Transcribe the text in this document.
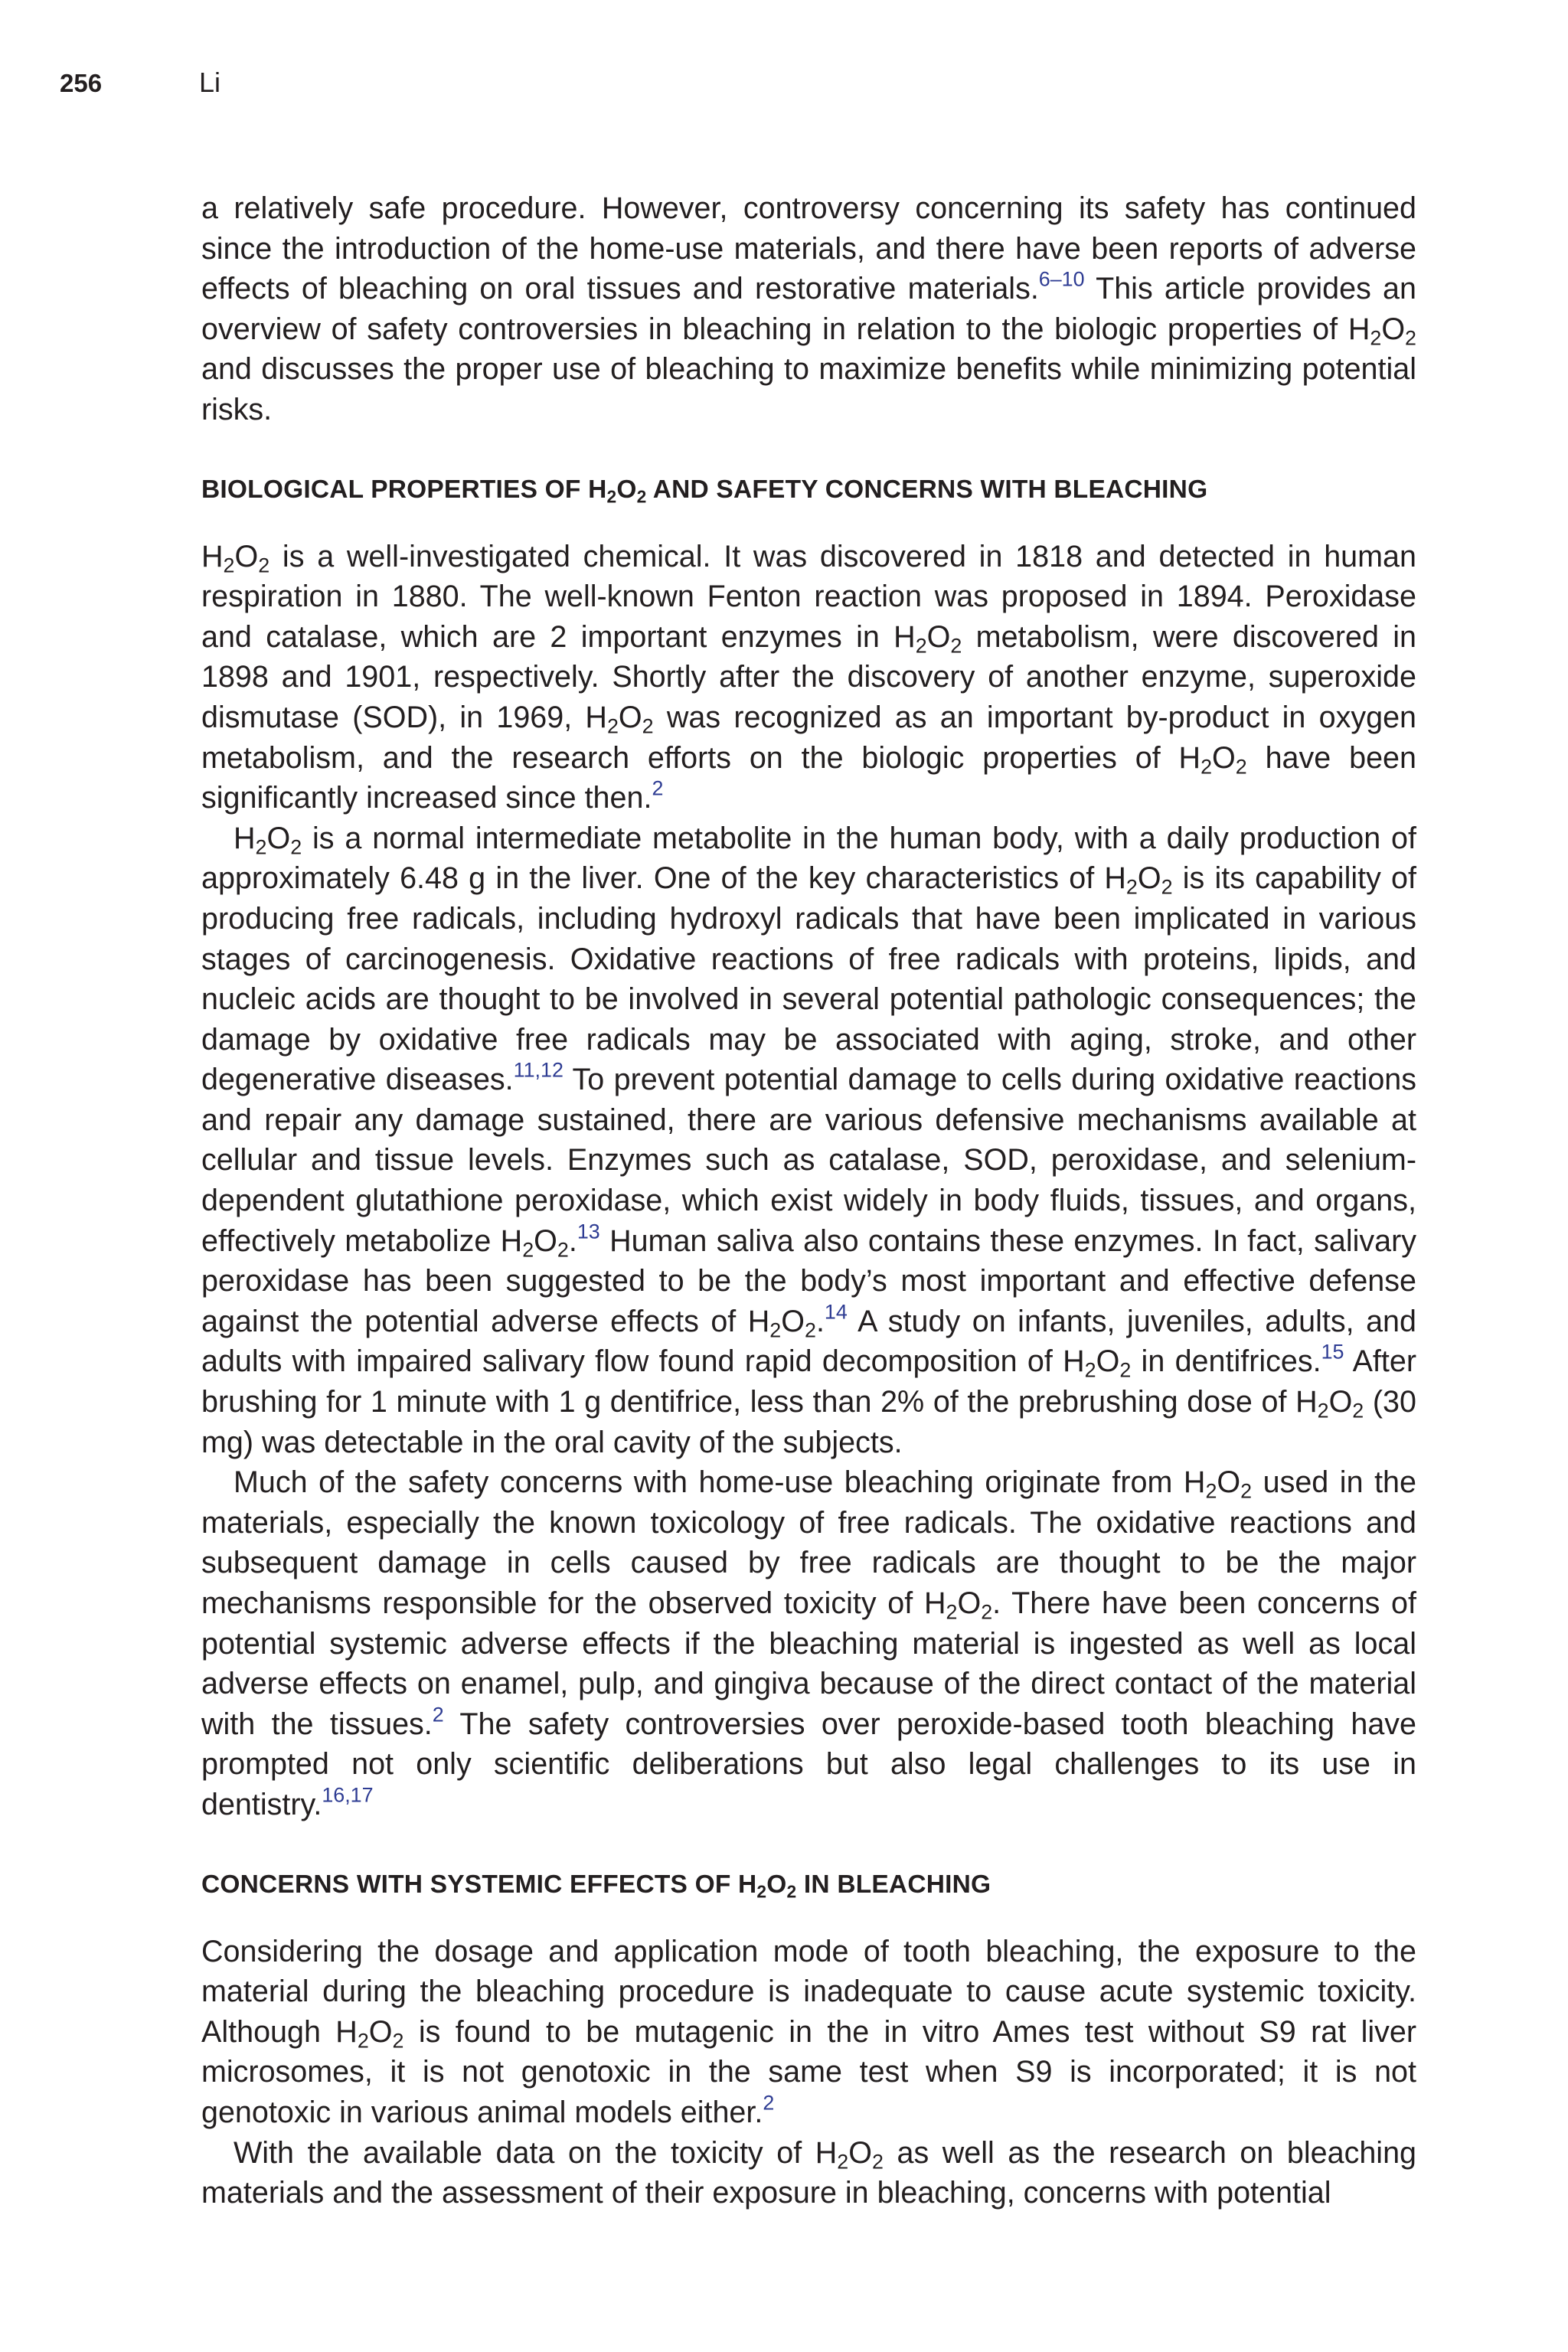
256	Li

a relatively safe procedure. However, controversy concerning its safety has continued since the introduction of the home-use materials, and there have been reports of adverse effects of bleaching on oral tissues and restorative materials.$^{6-10}$ This article provides an overview of safety controversies in bleaching in relation to the biologic properties of $H_2O_2$ and discusses the proper use of bleaching to maximize benefits while minimizing potential risks.

BIOLOGICAL PROPERTIES OF $H_2O_2$ AND SAFETY CONCERNS WITH BLEACHING

$H_2O_2$ is a well-investigated chemical. It was discovered in 1818 and detected in human respiration in 1880. The well-known Fenton reaction was proposed in 1894. Peroxidase and catalase, which are 2 important enzymes in $H_2O_2$ metabolism, were discovered in 1898 and 1901, respectively. Shortly after the discovery of another enzyme, superoxide dismutase (SOD), in 1969, $H_2O_2$ was recognized as an important by-product in oxygen metabolism, and the research efforts on the biologic properties of $H_2O_2$ have been significantly increased since then.$^2$

$H_2O_2$ is a normal intermediate metabolite in the human body, with a daily production of approximately 6.48 g in the liver. One of the key characteristics of $H_2O_2$ is its capability of producing free radicals, including hydroxyl radicals that have been implicated in various stages of carcinogenesis. Oxidative reactions of free radicals with proteins, lipids, and nucleic acids are thought to be involved in several potential pathologic consequences; the damage by oxidative free radicals may be associated with aging, stroke, and other degenerative diseases.$^{11,12}$ To prevent potential damage to cells during oxidative reactions and repair any damage sustained, there are various defensive mechanisms available at cellular and tissue levels. Enzymes such as catalase, SOD, peroxidase, and selenium-dependent glutathione peroxidase, which exist widely in body fluids, tissues, and organs, effectively metabolize $H_2O_2.^{13}$ Human saliva also contains these enzymes. In fact, salivary peroxidase has been suggested to be the body’s most important and effective defense against the potential adverse effects of $H_2O_2.^{14}$ A study on infants, juveniles, adults, and adults with impaired salivary flow found rapid decomposition of $H_2O_2$ in dentifrices.$^{15}$ After brushing for 1 minute with 1 g dentifrice, less than 2% of the prebrushing dose of $H_2O_2$ (30 mg) was detectable in the oral cavity of the subjects.

Much of the safety concerns with home-use bleaching originate from $H_2O_2$ used in the materials, especially the known toxicology of free radicals. The oxidative reactions and subsequent damage in cells caused by free radicals are thought to be the major mechanisms responsible for the observed toxicity of $H_2O_2$. There have been concerns of potential systemic adverse effects if the bleaching material is ingested as well as local adverse effects on enamel, pulp, and gingiva because of the direct contact of the material with the tissues.$^2$ The safety controversies over peroxide-based tooth bleaching have prompted not only scientific deliberations but also legal challenges to its use in dentistry.$^{16,17}$

CONCERNS WITH SYSTEMIC EFFECTS OF $H_2O_2$ IN BLEACHING

Considering the dosage and application mode of tooth bleaching, the exposure to the material during the bleaching procedure is inadequate to cause acute systemic toxicity. Although $H_2O_2$ is found to be mutagenic in the in vitro Ames test without S9 rat liver microsomes, it is not genotoxic in the same test when S9 is incorporated; it is not genotoxic in various animal models either.$^2$

With the available data on the toxicity of $H_2O_2$ as well as the research on bleaching materials and the assessment of their exposure in bleaching, concerns with potential
